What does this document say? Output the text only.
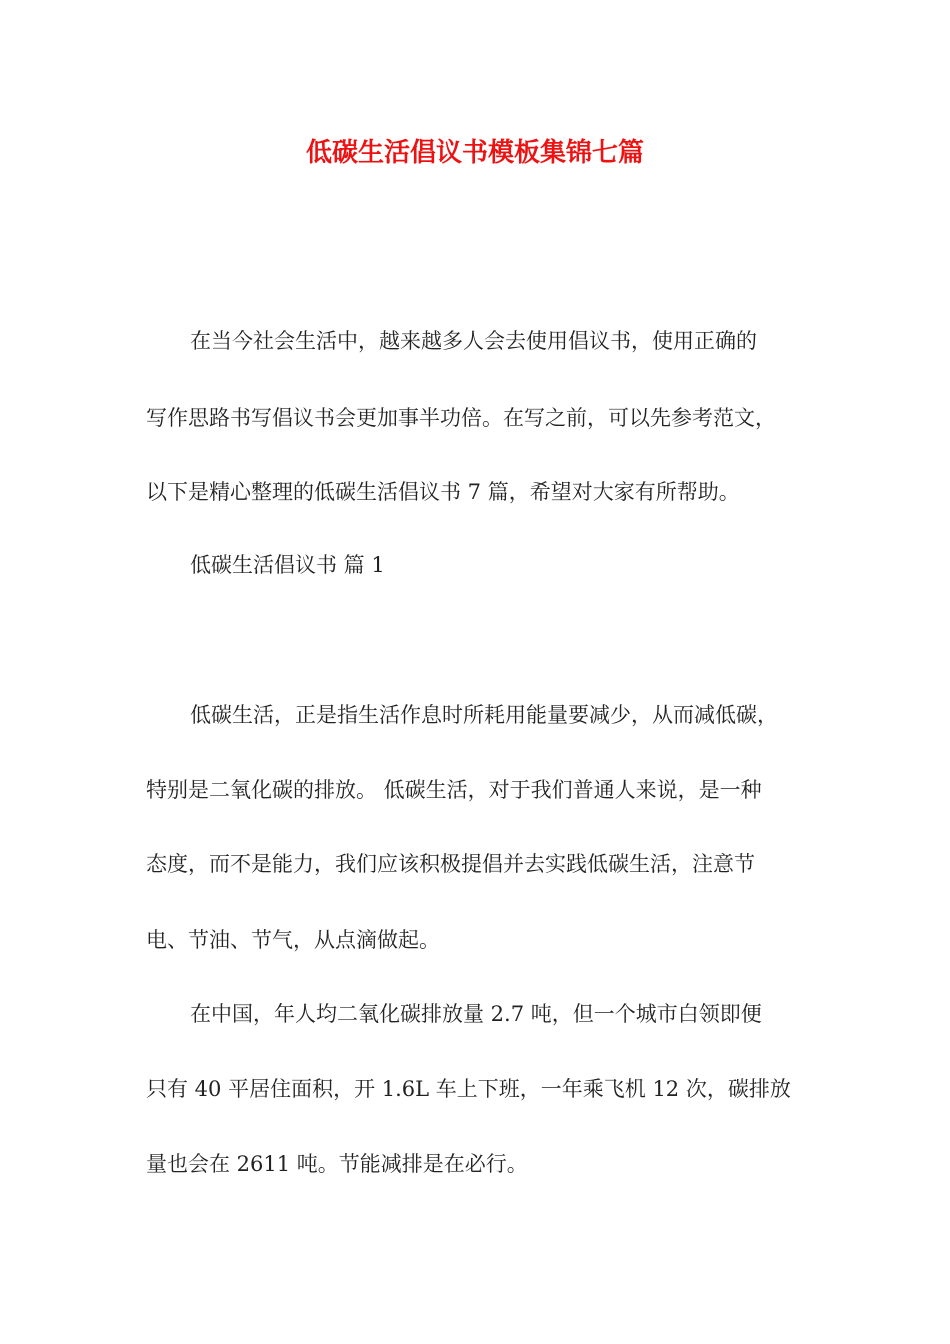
低碳生活倡议书模板集锦七篇
在当今社会生活中，越来越多人会去使用倡议书，使用正确的
写作思路书写倡议书会更加事半功倍。在写之前，可以先参考范文，
以下是精心整理的低碳生活倡议书 7 篇，希望对大家有所帮助。
低碳生活倡议书 篇 1
低碳生活，正是指生活作息时所耗用能量要减少，从而减低碳，
特别是二氧化碳的排放。 低碳生活，对于我们普通人来说，是一种
态度，而不是能力，我们应该积极提倡并去实践低碳生活，注意节
电、节油、节气，从点滴做起。
在中国，年人均二氧化碳排放量 2.7 吨，但一个城市白领即便
只有 40 平居住面积，开 1.6L 车上下班，一年乘飞机 12 次，碳排放
量也会在 2611 吨。节能减排是在必行。
